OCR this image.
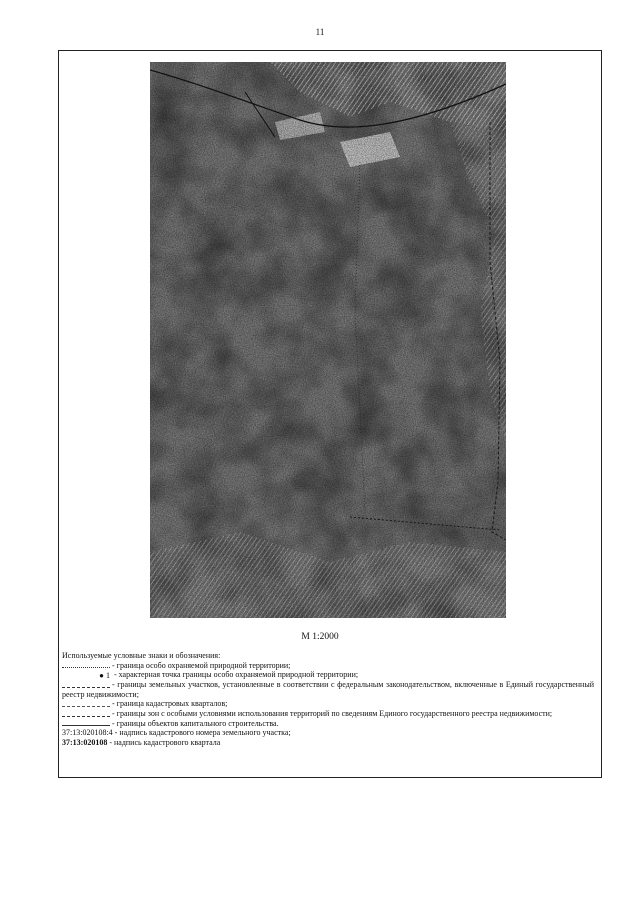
11
М 1:2000
Используемые условные знаки и обозначения:
- граница особо охраняемой природной территории;
● 1 - характерная точка границы особо охраняемой природной территории;
- границы земельных участков, установленные в соответствии с федеральным законодательством, включенные в Единый государственный реестр недвижимости;
- граница кадастровых кварталов;
- границы зон с особыми условиями использования территорий по сведениям Единого государственного реестра недвижимости;
- границы объектов капитального строительства.
37:13:020108:4 - надпись кадастрового номера земельного участка;
37:13:020108 - надпись кадастрового квартала
